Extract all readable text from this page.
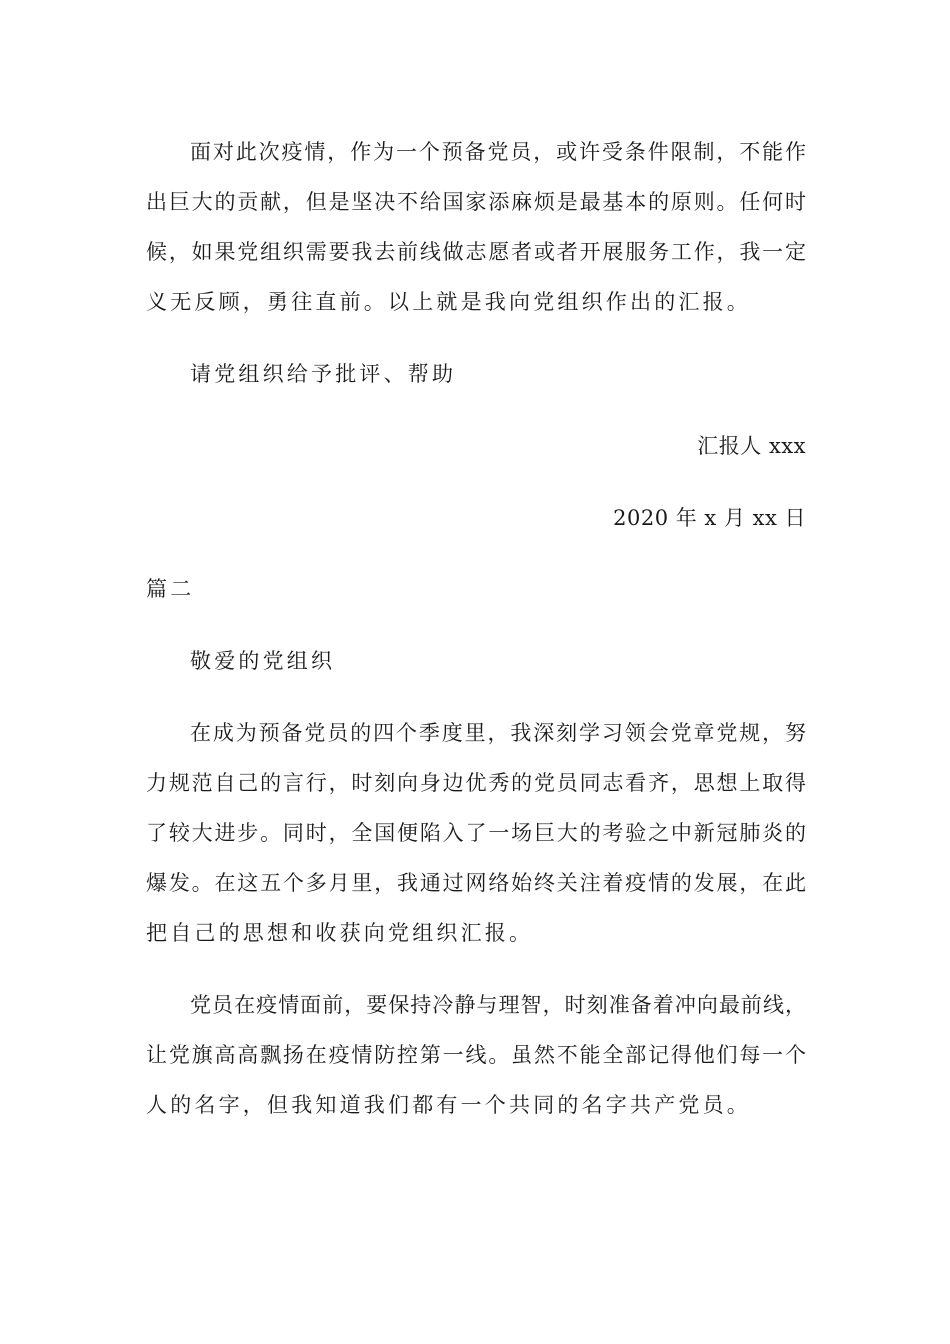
面对此次疫情，作为一个预备党员，或许受条件限制，不能作
出巨大的贡献，但是坚决不给国家添麻烦是最基本的原则。任何时
候，如果党组织需要我去前线做志愿者或者开展服务工作，我一定
义无反顾，勇往直前。以上就是我向党组织作出的汇报。
请党组织给予批评、帮助
汇报人 xxx
2020 年 x 月 xx 日
篇二
敬爱的党组织
在成为预备党员的四个季度里，我深刻学习领会党章党规，努
力规范自己的言行，时刻向身边优秀的党员同志看齐，思想上取得
了较大进步。同时，全国便陷入了一场巨大的考验之中新冠肺炎的
爆发。在这五个多月里，我通过网络始终关注着疫情的发展，在此
把自己的思想和收获向党组织汇报。
党员在疫情面前，要保持冷静与理智，时刻准备着冲向最前线，
让党旗高高飘扬在疫情防控第一线。虽然不能全部记得他们每一个
人的名字，但我知道我们都有一个共同的名字共产党员。
